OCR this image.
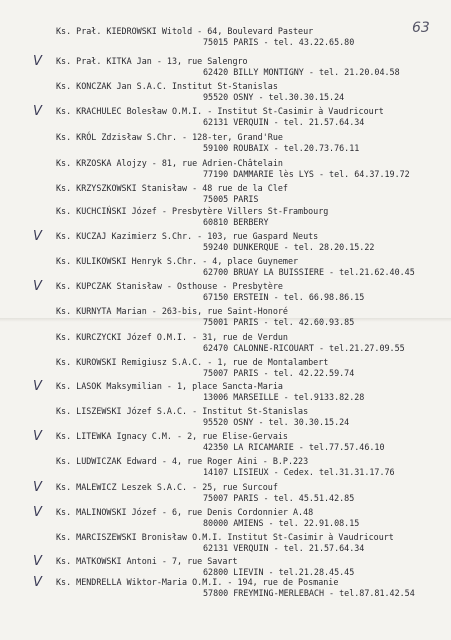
63
Ks. Prał. KIEDROWSKI Witold - 64, Boulevard Pasteur
75015 PARIS - tel. 43.22.65.80
V Ks. Prał. KITKA Jan - 13, rue Salengro
62420 BILLY MONTIGNY - tel. 21.20.04.58
Ks. KONCZAK Jan S.A.C. Institut St-Stanislas
95520 OSNY - tel.30.30.15.24
V Ks. KRACHULEC Bolesław O.M.I. - Institut St-Casimir à Vaudricourt
62131 VERQUIN - tel. 21.57.64.34
Ks. KRÓL Zdzisław S.Chr. - 128-ter, Grand'Rue
59100 ROUBAIX - tel.20.73.76.11
Ks. KRZOSKA Alojzy - 81, rue Adrien-Châtelain
77190 DAMMARIE lès LYS - tel. 64.37.19.72
Ks. KRZYSZKOWSKI Stanisław - 48 rue de la Clef
75005 PARIS
Ks. KUCHCIŃSKI Józef - Presbytère Villers St-Frambourg
60810 BERBERY
V Ks. KUCZAJ Kazimierz S.Chr. - 103, rue Gaspard Neuts
59240 DUNKERQUE - tel. 28.20.15.22
Ks. KULIKOWSKI Henryk S.Chr. - 4, place Guynemer
62700 BRUAY LA BUISSIERE - tel.21.62.40.45
V Ks. KUPCZAK Stanisław - Osthouse - Presbytère
67150 ERSTEIN - tel. 66.98.86.15
Ks. KURNYTA Marian - 263-bis, rue Saint-Honoré
75001 PARIS - tel. 42.60.93.85
Ks. KURCZYCKI Józef O.M.I. - 31, rue de Verdun
62470 CALONNE-RICOUART - tel.21.27.09.55
Ks. KUROWSKI Remigiusz S.A.C. - 1, rue de Montalambert
75007 PARIS - tel. 42.22.59.74
V Ks. LASOK Maksymilian - 1, place Sancta-Maria
13006 MARSEILLE - tel.9133.82.28
Ks. LISZEWSKI Józef S.A.C. - Institut St-Stanislas
95520 OSNY - tel. 30.30.15.24
V Ks. LITEWKA Ignacy C.M. - 2, rue Elise-Gervais
42350 LA RICAMARIE - tel.77.57.46.10
Ks. LUDWICZAK Edward - 4, rue Roger Aini - B.P.223
14107 LISIEUX - Cedex. tel.31.31.17.76
V Ks. MALEWICZ Leszek S.A.C. - 25, rue Surcouf
75007 PARIS - tel. 45.51.42.85
V Ks. MALINOWSKI Józef - 6, rue Denis Cordonnier A.48
80000 AMIENS - tel. 22.91.08.15
Ks. MARCISZEWSKI Bronisław O.M.I. Institut St-Casimir à Vaudricourt
62131 VERQUIN - tel. 21.57.64.34
V Ks. MATKOWSKI Antoni - 7, rue Savart
62800 LIEVIN - tel.21.28.45.45
V Ks. MENDRELLA Wiktor-Maria O.M.I. - 194, rue de Posmanie
57800 FREYMING-MERLEBACH - tel.87.81.42.54
